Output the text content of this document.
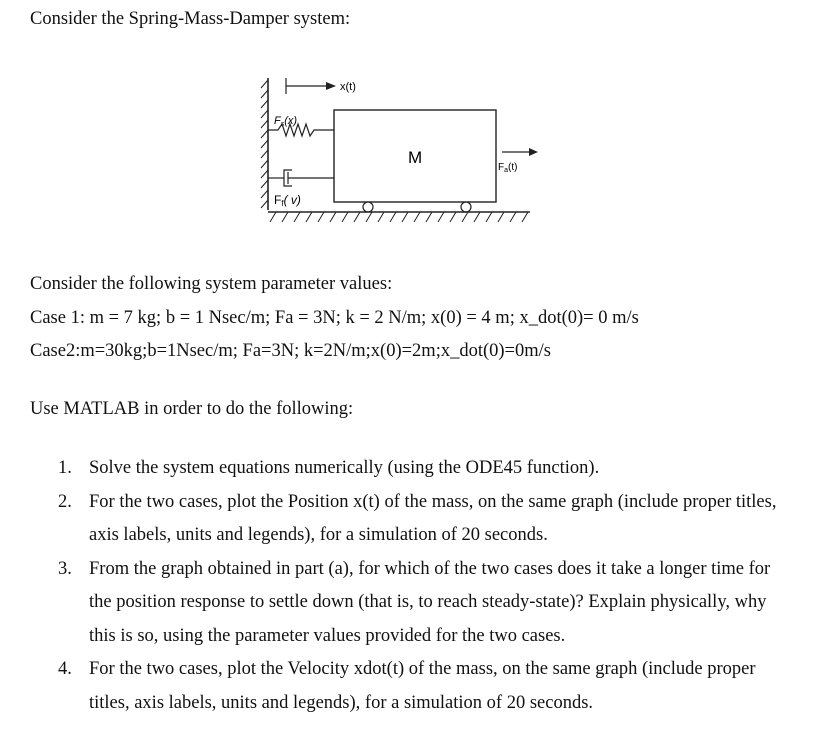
Consider the Spring-Mass-Damper system:
x(t)
Fs(x)
M
$F_a(t)$
Ff( v)
Consider the following system parameter values:
Case 1: m = 7 kg; b = 1 Nsec/m; Fa = 3N; k = 2 N/m; x(0) = 4 m; x_dot(0)= 0 m/s
Case2:m=30kg;b=1Nsec/m; Fa=3N; k=2N/m;x(0)=2m;x_dot(0)=0m/s
Use MATLAB in order to do the following:
1. Solve the system equations numerically (using the ODE45 function).
2. For the two cases, plot the Position x(t) of the mass, on the same graph (include proper titles, axis labels, units and legends), for a simulation of 20 seconds.
3. From the graph obtained in part (a), for which of the two cases does it take a longer time for the position response to settle down (that is, to reach steady-state)? Explain physically, why this is so, using the parameter values provided for the two cases.
4. For the two cases, plot the Velocity xdot(t) of the mass, on the same graph (include proper titles, axis labels, units and legends), for a simulation of 20 seconds.
